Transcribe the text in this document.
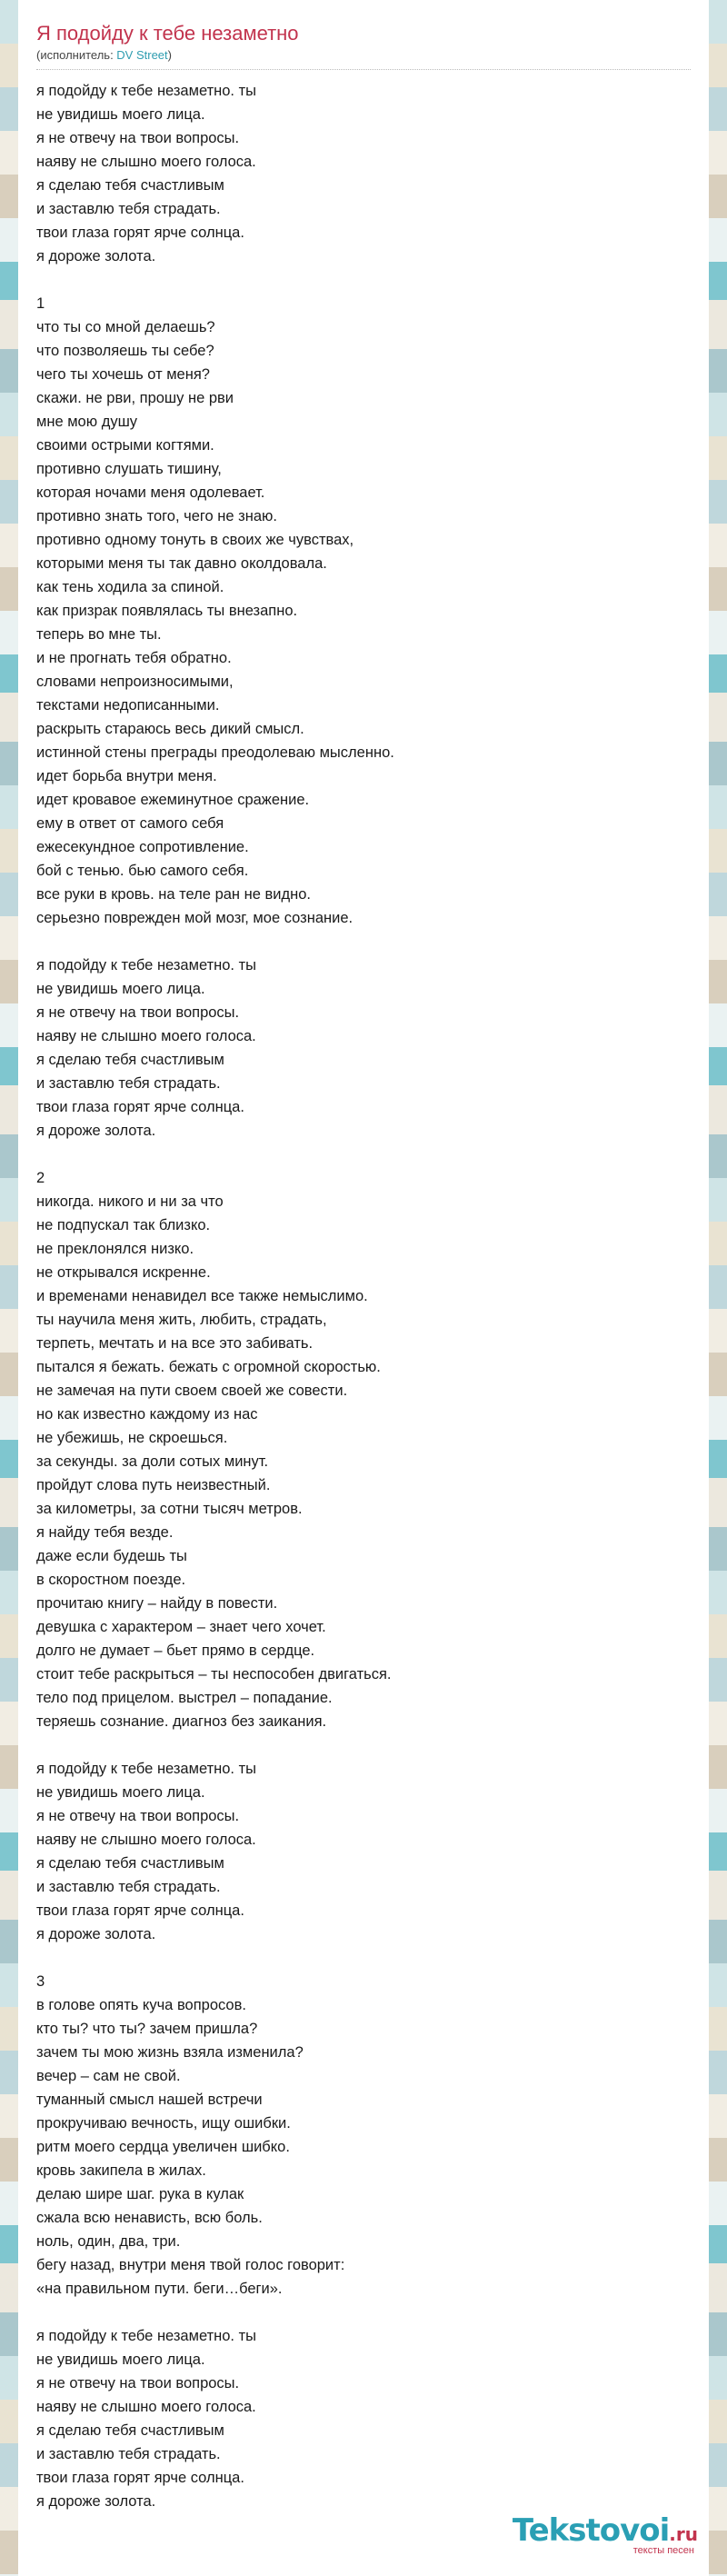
Я подойду к тебе незаметно
(исполнитель: DV Street)
я подойду к тебе незаметно. ты
не увидишь моего лица.
я не отвечу на твои вопросы.
наяву не слышно моего голоса.
я сделаю тебя счастливым
и заставлю тебя страдать.
твои глаза горят ярче солнца.
я дороже золота.
1
что ты со мной делаешь?
что позволяешь ты себе?
чего ты хочешь от меня?
скажи. не рви, прошу не рви
мне мою душу
своими острыми когтями.
противно слушать тишину,
которая ночами меня одолевает.
противно знать того, чего не знаю.
противно одному тонуть в своих же чувствах,
которыми меня ты так давно околдовала.
как тень ходила за спиной.
как призрак появлялась ты внезапно.
теперь во мне ты.
и не прогнать тебя обратно.
словами непроизносимыми,
текстами недописанными.
раскрыть стараюсь весь дикий смысл.
истинной стены преграды преодолеваю мысленно.
идет борьба внутри меня.
идет кровавое ежеминутное сражение.
ему в ответ от самого себя
ежесекундное сопротивление.
бой с тенью. бью самого себя.
все руки в кровь. на теле ран не видно.
серьезно поврежден мой мозг, мое сознание.
я подойду к тебе незаметно. ты
не увидишь моего лица.
я не отвечу на твои вопросы.
наяву не слышно моего голоса.
я сделаю тебя счастливым
и заставлю тебя страдать.
твои глаза горят ярче солнца.
я дороже золота.
2
никогда. никого и ни за что
не подпускал так близко.
не преклонялся низко.
не открывался искренне.
и временами ненавидел все также немыслимо.
ты научила меня жить, любить, страдать,
терпеть, мечтать и на все это забивать.
пытался я бежать. бежать с огромной скоростью.
не замечая на пути своем своей же совести.
но как известно каждому из нас
не убежишь, не скроешься.
за секунды. за доли сотых минут.
пройдут слова путь неизвестный.
за километры, за сотни тысяч метров.
я найду тебя везде.
даже если будешь ты
в скоростном поезде.
прочитаю книгу – найду в повести.
девушка с характером – знает чего хочет.
долго не думает – бьет прямо в сердце.
стоит тебе раскрыться – ты неспособен двигаться.
тело под прицелом. выстрел – попадание.
теряешь сознание. диагноз без заикания.
я подойду к тебе незаметно. ты
не увидишь моего лица.
я не отвечу на твои вопросы.
наяву не слышно моего голоса.
я сделаю тебя счастливым
и заставлю тебя страдать.
твои глаза горят ярче солнца.
я дороже золота.
3
в голове опять куча вопросов.
кто ты? что ты? зачем пришла?
зачем ты мою жизнь взяла изменила?
вечер – сам не свой.
туманный смысл нашей встречи
прокручиваю вечность, ищу ошибки.
ритм моего сердца увеличен шибко.
кровь закипела в жилах.
делаю шире шаг. рука в кулак
сжала всю ненависть, всю боль.
ноль, один, два, три.
бегу назад, внутри меня твой голос говорит:
«на правильном пути. беги…беги».
я подойду к тебе незаметно. ты
не увидишь моего лица.
я не отвечу на твои вопросы.
наяву не слышно моего голоса.
я сделаю тебя счастливым
и заставлю тебя страдать.
твои глаза горят ярче солнца.
я дороже золота.
Tekstovoi.ru
тексты песен
